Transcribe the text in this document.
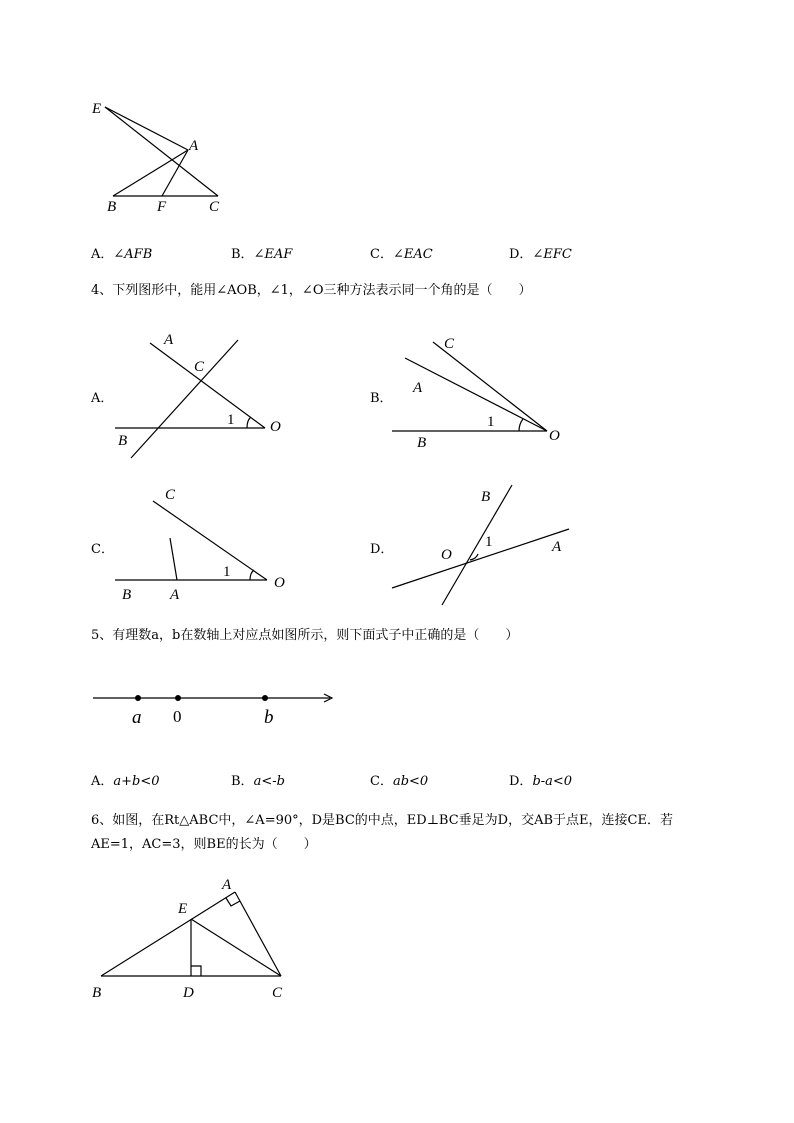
E
A
B	F	C
A．∠AFB	B．∠EAF	C．∠EAC	D．∠EFC
4、下列图形中，能用∠AOB，∠1，∠O三种方法表示同一个角的是（　　）
A．
A
C
B
O
1
B．
C
A
B	O
1
C．
C
B	A
O
1
D．
B
O
1	A
5、有理数a，b在数轴上对应点如图所示，则下面式子中正确的是（　　）
a 0	b
A．a+b<0	B．a<-b	C．ab<0	D．b-a<0
6、如图，在Rt△ABC中，∠A=90°，D是BC的中点，ED⊥BC垂足为D，交AB于点E，连接CE．若
AE=1，AC=3，则BE的长为（　　）
A
E
B	D	C
